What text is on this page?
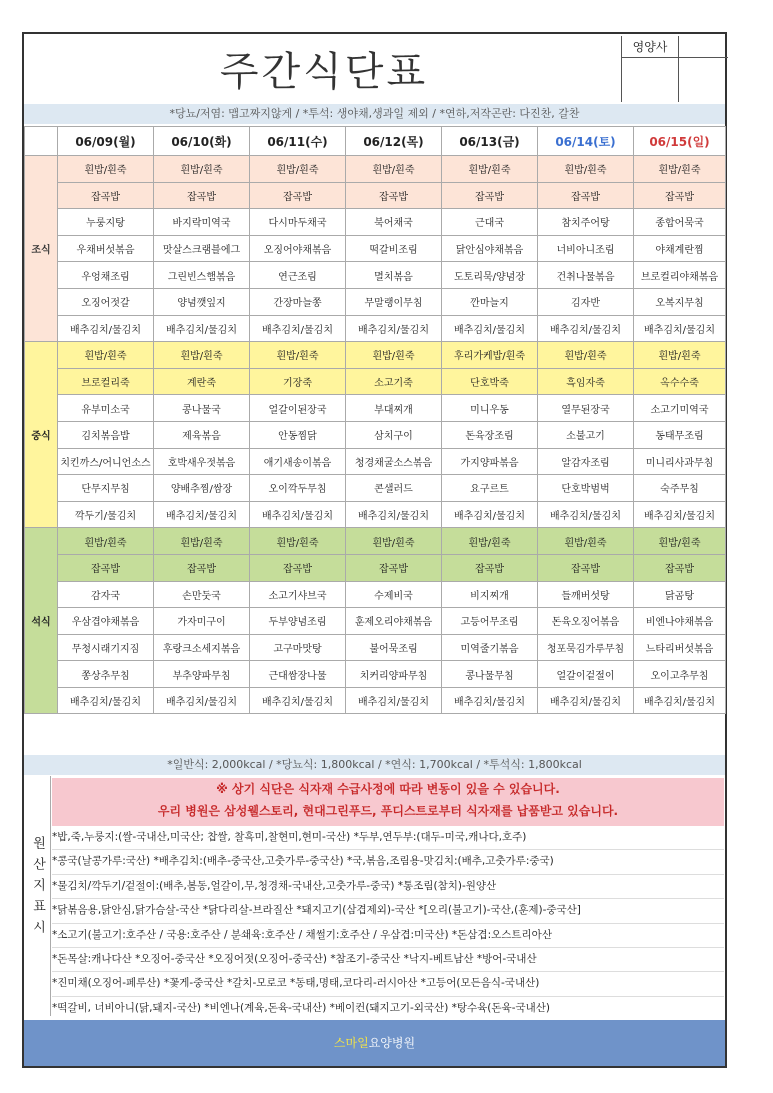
주간식단표
영양사
*당뇨/저염: 맵고짜지않게 / *투석: 생야채,생과일 제외 / *연하,저작곤란: 다진찬, 갈찬
	06/09(월)	06/10(화)	06/11(수)	06/12(목)	06/13(금)	06/14(토)	06/15(일)
조식	흰밥/흰죽	흰밥/흰죽	흰밥/흰죽	흰밥/흰죽	흰밥/흰죽	흰밥/흰죽	흰밥/흰죽
	잡곡밥	잡곡밥	잡곡밥	잡곡밥	잡곡밥	잡곡밥	잡곡밥
	누룽지탕	바지락미역국	다시마두채국	북어채국	근대국	참치주어탕	종합어묵국
	우채버섯볶음	맛살스크램블에그	오징어야채볶음	떡갈비조림	닭안심야채볶음	너비아니조림	야채계란찜
	우엉채조림	그린빈스햄볶음	연근조림	멸치볶음	도토리묵/양념장	건취나물볶음	브로컬리야채볶음
	오징어젓갈	양념깻잎지	간장마늘쫑	무말랭이무침	깐마늘지	김자반	오복지무침
	배추김치/물김치	배추김치/물김치	배추김치/물김치	배추김치/물김치	배추김치/물김치	배추김치/물김치	배추김치/물김치
중식	흰밥/흰죽	흰밥/흰죽	흰밥/흰죽	흰밥/흰죽	후리가케밥/흰죽	흰밥/흰죽	흰밥/흰죽
	브로컬리죽	계란죽	기장죽	소고기죽	단호박죽	흑임자죽	옥수수죽
	유부미소국	콩나물국	얼갈이된장국	부대찌개	미니우동	열무된장국	소고기미역국
	김치볶음밥	제육볶음	안동찜닭	삼치구이	돈육장조림	소불고기	동태무조림
	치킨까스/어니언소스	호박새우젓볶음	애기새송이볶음	청경채굴소스볶음	가지양파볶음	알감자조림	미니리사과무침
	단무지무침	양배추찜/쌈장	오이깍두무침	콘샐러드	요구르트	단호박범벅	숙주무침
	깍두기/물김치	배추김치/물김치	배추김치/물김치	배추김치/물김치	배추김치/물김치	배추김치/물김치	배추김치/물김치
석식	흰밥/흰죽	흰밥/흰죽	흰밥/흰죽	흰밥/흰죽	흰밥/흰죽	흰밥/흰죽	흰밥/흰죽
	잡곡밥	잡곡밥	잡곡밥	잡곡밥	잡곡밥	잡곡밥	잡곡밥
	감자국	손만둣국	소고기샤브국	수제비국	비지찌개	들깨버섯탕	닭곰탕
	우삼겹야채볶음	가자미구이	두부양념조림	훈제오리야채볶음	고등어무조림	돈육오징어볶음	비엔나야채볶음
	무청시래기지짐	후랑크소세지볶음	고구마맛탕	불어묵조림	미역줄기볶음	청포묵김가루무침	느타리버섯볶음
	쫑상추무침	부추양파무침	근대쌈장나물	치커리양파무침	콩나물무침	얼갈이겉절이	오이고추무침
	배추김치/물김치	배추김치/물김치	배추김치/물김치	배추김치/물김치	배추김치/물김치	배추김치/물김치	배추김치/물김치
*일반식: 2,000kcal / *당뇨식: 1,800kcal / *연식: 1,700kcal / *투석식: 1,800kcal
원산지표시
※ 상기 식단은 식자재 수급사정에 따라 변동이 있을 수 있습니다.
우리 병원은 삼성웰스토리, 현대그린푸드, 푸디스트로부터 식자재를 납품받고 있습니다.
*밥,죽,누룽지:(쌀-국내산,미국산; 찹쌀, 찰흑미,찰현미,현미-국산) *두부,연두부:(대두-미국,캐나다,호주)
*콩국(날콩가루:국산) *배추김치:(배추-중국산,고춧가루-중국산) *국,볶음,조림용-맛김치:(배추,고춧가루:중국)
*물김치/깍두기/겉절이:(배추,봄동,얼갈이,무,청경채-국내산,고춧가루-중국) *통조림(참치)-원양산
*닭볶음용,닭안심,닭가슴살-국산 *닭다리살-브라질산 *돼지고기(삼겹제외)-국산 *[오리(불고기)-국산,(훈제)-중국산]
*소고기(불고기:호주산 / 국용:호주산 / 분쇄육:호주산 / 채썰기:호주산 / 우삼겹:미국산) *돈삼겹:오스트리아산
*돈목살:캐나다산 *오징어-중국산 *오징어젓(오징어-중국산) *참조기-중국산 *낙지-베트남산 *방어-국내산
*진미채(오징어-페루산) *꽃게-중국산 *갈치-모로코 *동태,명태,코다리-러시아산 *고등어(모든음식-국내산)
*떡갈비, 너비아니(닭,돼지-국산) *비엔나(계육,돈육-국내산) *베이컨(돼지고기-외국산) *탕수육(돈육-국내산)
스마일요양병원
